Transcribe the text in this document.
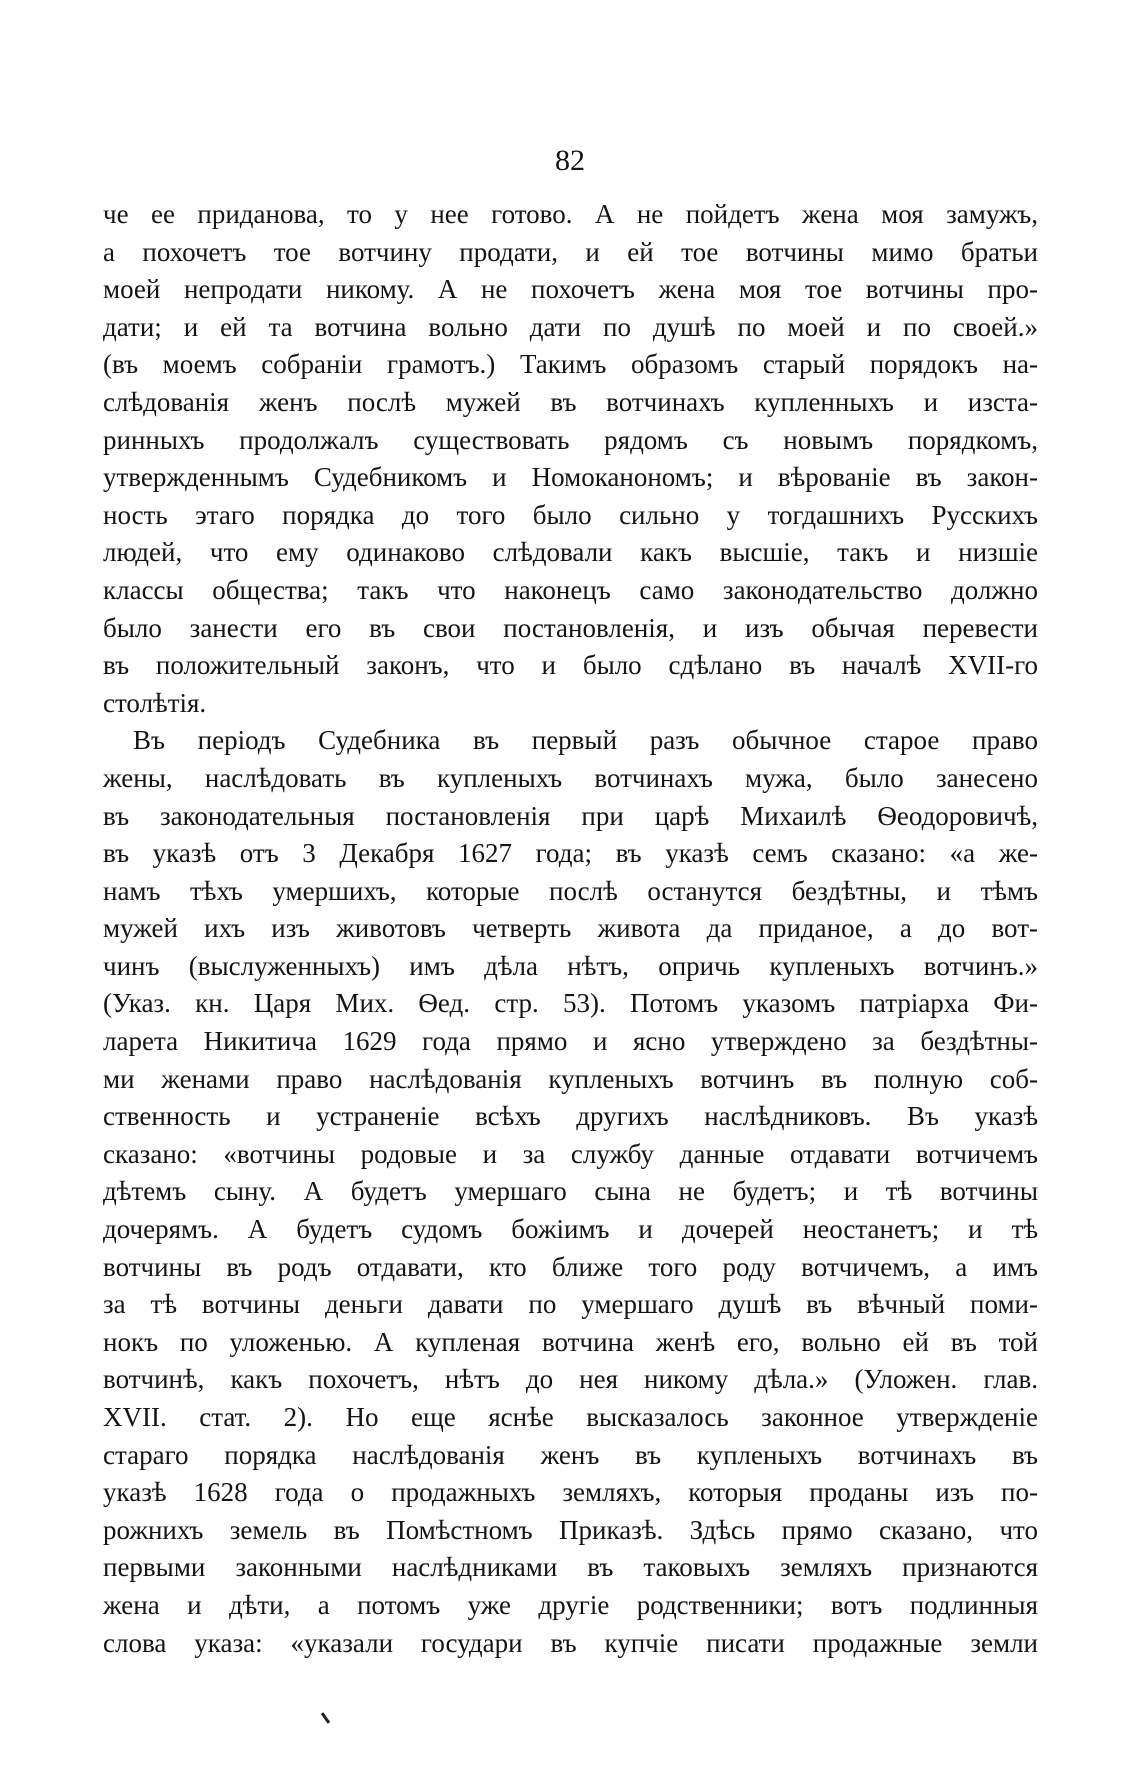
82
че ее приданова, то у нее готово. А не пойдетъ жена моя замужъ,
а похочетъ тое вотчину продати, и ей тое вотчины мимо братьи
моей непродати никому. А не похочетъ жена моя тое вотчины про-
дати; и ей та вотчина вольно дати по душѣ по моей и по своей.»
(въ моемъ собраніи грамотъ.) Такимъ образомъ старый порядокъ на-
слѣдованія женъ послѣ мужей въ вотчинахъ купленныхъ и изста-
ринныхъ продолжалъ существовать рядомъ съ новымъ порядкомъ,
утвержденнымъ Судебникомъ и Номоканономъ; и вѣрованіе въ закон-
ность этаго порядка до того было сильно у тогдашнихъ Русскихъ
людей, что ему одинаково слѣдовали какъ высшіе, такъ и низшіе
классы общества; такъ что наконецъ само законодательство должно
было занести его въ свои постановленія, и изъ обычая перевести
въ положительный законъ, что и было сдѣлано въ началѣ XVII-го
столѣтія.
Въ періодъ Судебника въ первый разъ обычное старое право
жены, наслѣдовать въ купленыхъ вотчинахъ мужа, было занесено
въ законодательныя постановленія при царѣ Михаилѣ Ѳеодоровичѣ,
въ указѣ отъ 3 Декабря 1627 года; въ указѣ семъ сказано: «а же-
намъ тѣхъ умершихъ, которые послѣ останутся бездѣтны, и тѣмъ
мужей ихъ изъ животовъ четверть живота да приданое, а до вот-
чинъ (выслуженныхъ) имъ дѣла нѣтъ, опричь купленыхъ вотчинъ.»
(Указ. кн. Царя Мих. Ѳед. стр. 53). Потомъ указомъ патріарха Фи-
ларета Никитича 1629 года прямо и ясно утверждено за бездѣтны-
ми женами право наслѣдованія купленыхъ вотчинъ въ полную соб-
ственность и устраненіе всѣхъ другихъ наслѣдниковъ. Въ указѣ
сказано: «вотчины родовые и за службу данные отдавати вотчичемъ
дѣтемъ сыну. А будетъ умершаго сына не будетъ; и тѣ вотчины
дочерямъ. А будетъ судомъ божіимъ и дочерей неостанетъ; и тѣ
вотчины въ родъ отдавати, кто ближе того роду вотчичемъ, а имъ
за тѣ вотчины деньги давати по умершаго душѣ въ вѣчный поми-
нокъ по уложенью. А купленая вотчина женѣ его, вольно ей въ той
вотчинѣ, какъ похочетъ, нѣтъ до нея никому дѣла.» (Уложен. глав.
XVII. стат. 2). Но еще яснѣе высказалось законное утвержденіе
стараго порядка наслѣдованія женъ въ купленыхъ вотчинахъ въ
указѣ 1628 года о продажныхъ земляхъ, которыя проданы изъ по-
рожнихъ земель въ Помѣстномъ Приказѣ. Здѣсь прямо сказано, что
первыми законными наслѣдниками въ таковыхъ земляхъ признаются
жена и дѣти, а потомъ уже другіе родственники; вотъ подлинныя
слова указа: «указали государи въ купчіе писати продажные земли
